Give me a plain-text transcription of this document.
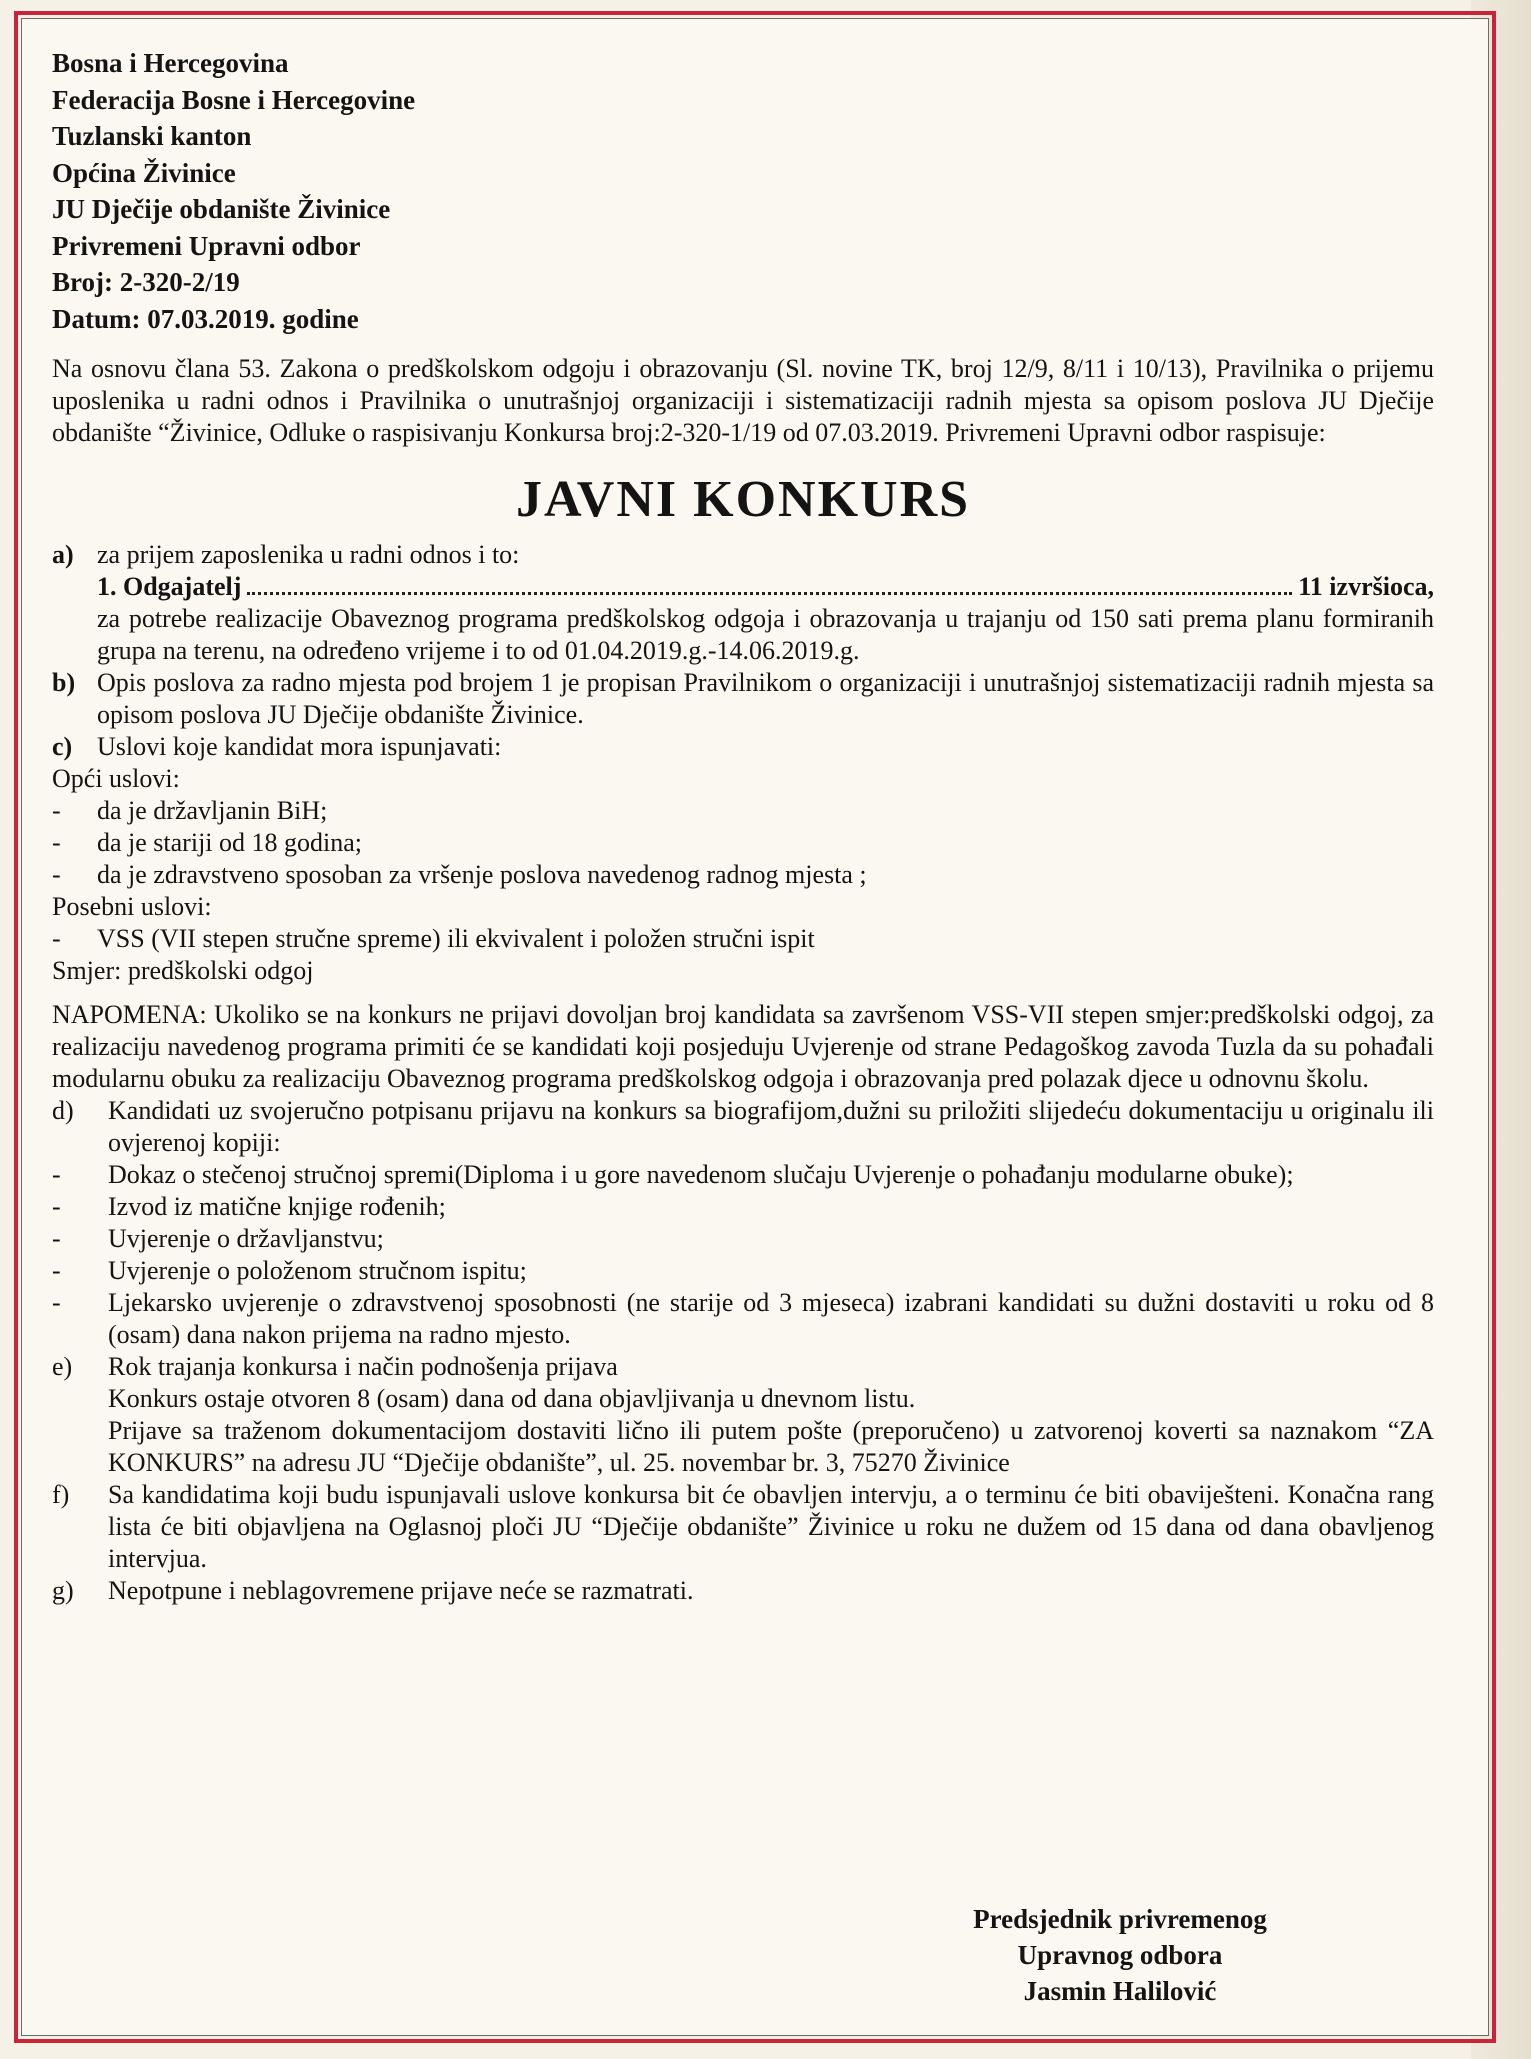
Bosna i Hercegovina
Federacija Bosne i Hercegovine
Tuzlanski kanton
Općina Živinice
JU Dječije obdanište Živinice
Privremeni Upravni odbor
Broj: 2-320-2/19
Datum: 07.03.2019. godine
Na osnovu člana 53. Zakona o predškolskom odgoju i obrazovanju (Sl. novine TK, broj 12/9, 8/11 i 10/13), Pravilnika o prijemu uposlenika u radni odnos i Pravilnika o unutrašnjoj organizaciji i sistematizaciji radnih mjesta sa opisom poslova JU Dječije obdanište “Živinice, Odluke o raspisivanju Konkursa broj:2-320-1/19 od 07.03.2019. Privremeni Upravni odbor raspisuje:
JAVNI KONKURS
a) za prijem zaposlenika u radni odnos i to:
1. Odgajatelj	11 izvršioca,
za potrebe realizacije Obaveznog programa predškolskog odgoja i obrazovanja u trajanju od 150 sati prema planu formiranih grupa na terenu, na određeno vrijeme i to od 01.04.2019.g.-14.06.2019.g.
b) Opis poslova za radno mjesta pod brojem 1 je propisan Pravilnikom o organizaciji i unutrašnjoj sistematizaciji radnih mjesta sa opisom poslova JU Dječije obdanište Živinice.
c) Uslovi koje kandidat mora ispunjavati:
Opći uslovi:
- da je državljanin BiH;
- da je stariji od 18 godina;
- da je zdravstveno sposoban za vršenje poslova navedenog radnog mjesta ;
Posebni uslovi:
- VSS (VII stepen stručne spreme) ili ekvivalent i položen stručni ispit
Smjer: predškolski odgoj
NAPOMENA: Ukoliko se na konkurs ne prijavi dovoljan broj kandidata sa završenom VSS-VII stepen smjer:predškolski odgoj, za realizaciju navedenog programa primiti će se kandidati koji posjeduju Uvjerenje od strane Pedagoškog zavoda Tuzla da su pohađali modularnu obuku za realizaciju Obaveznog programa predškolskog odgoja i obrazovanja pred polazak djece u odnovnu školu.
d) Kandidati uz svojeručno potpisanu prijavu na konkurs sa biografijom,dužni su priložiti slijedeću dokumentaciju u originalu ili ovjerenoj kopiji:
- Dokaz o stečenoj stručnoj spremi(Diploma i u gore navedenom slučaju Uvjerenje o pohađanju modularne obuke);
- Izvod iz matične knjige rođenih;
- Uvjerenje o državljanstvu;
- Uvjerenje o položenom stručnom ispitu;
- Ljekarsko uvjerenje o zdravstvenoj sposobnosti (ne starije od 3 mjeseca) izabrani kandidati su dužni dostaviti u roku od 8 (osam) dana nakon prijema na radno mjesto.
e) Rok trajanja konkursa i način podnošenja prijava
Konkurs ostaje otvoren 8 (osam) dana od dana objavljivanja u dnevnom listu.
Prijave sa traženom dokumentacijom dostaviti lično ili putem pošte (preporučeno) u zatvorenoj koverti sa naznakom “ZA KONKURS” na adresu JU “Dječije obdanište”, ul. 25. novembar br. 3, 75270 Živinice
f) Sa kandidatima koji budu ispunjavali uslove konkursa bit će obavljen intervju, a o terminu će biti obaviješteni. Konačna rang lista će biti objavljena na Oglasnoj ploči JU “Dječije obdanište” Živinice u roku ne dužem od 15 dana od dana obavljenog intervjua.
g) Nepotpune i neblagovremene prijave neće se razmatrati.
Predsjednik privremenog
Upravnog odbora
Jasmin Halilović
